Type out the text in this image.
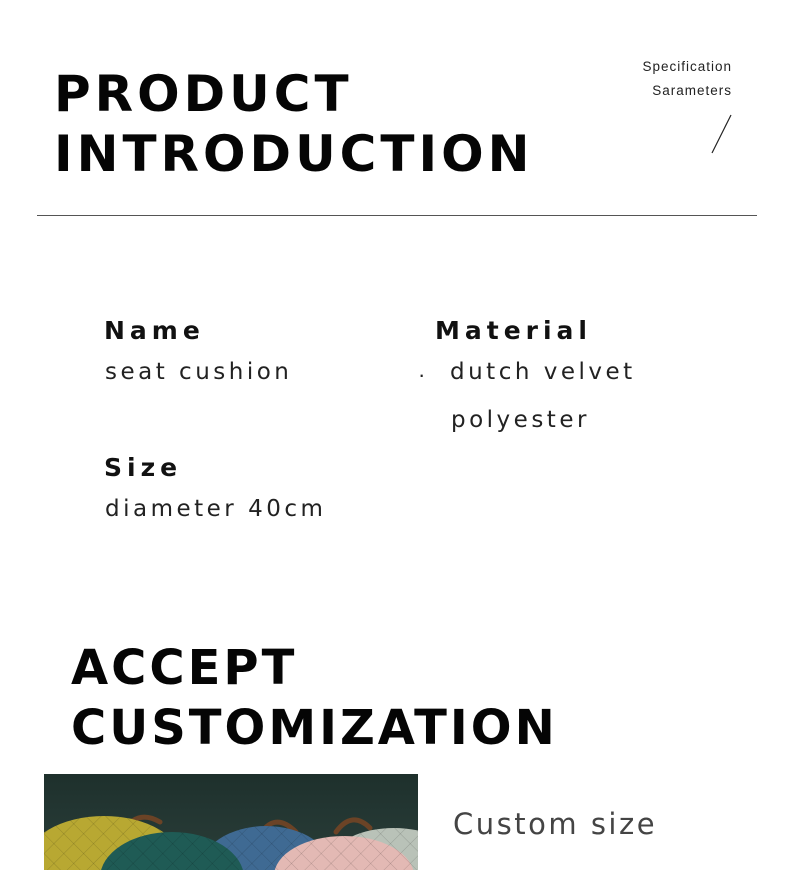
PRODUCT
INTRODUCTION
Specification
Sarameters

Name

seat cushion

Material

· dutch velvet

polyester

Size

diameter 40cm

ACCEPT
CUSTOMIZATION
Custom size
